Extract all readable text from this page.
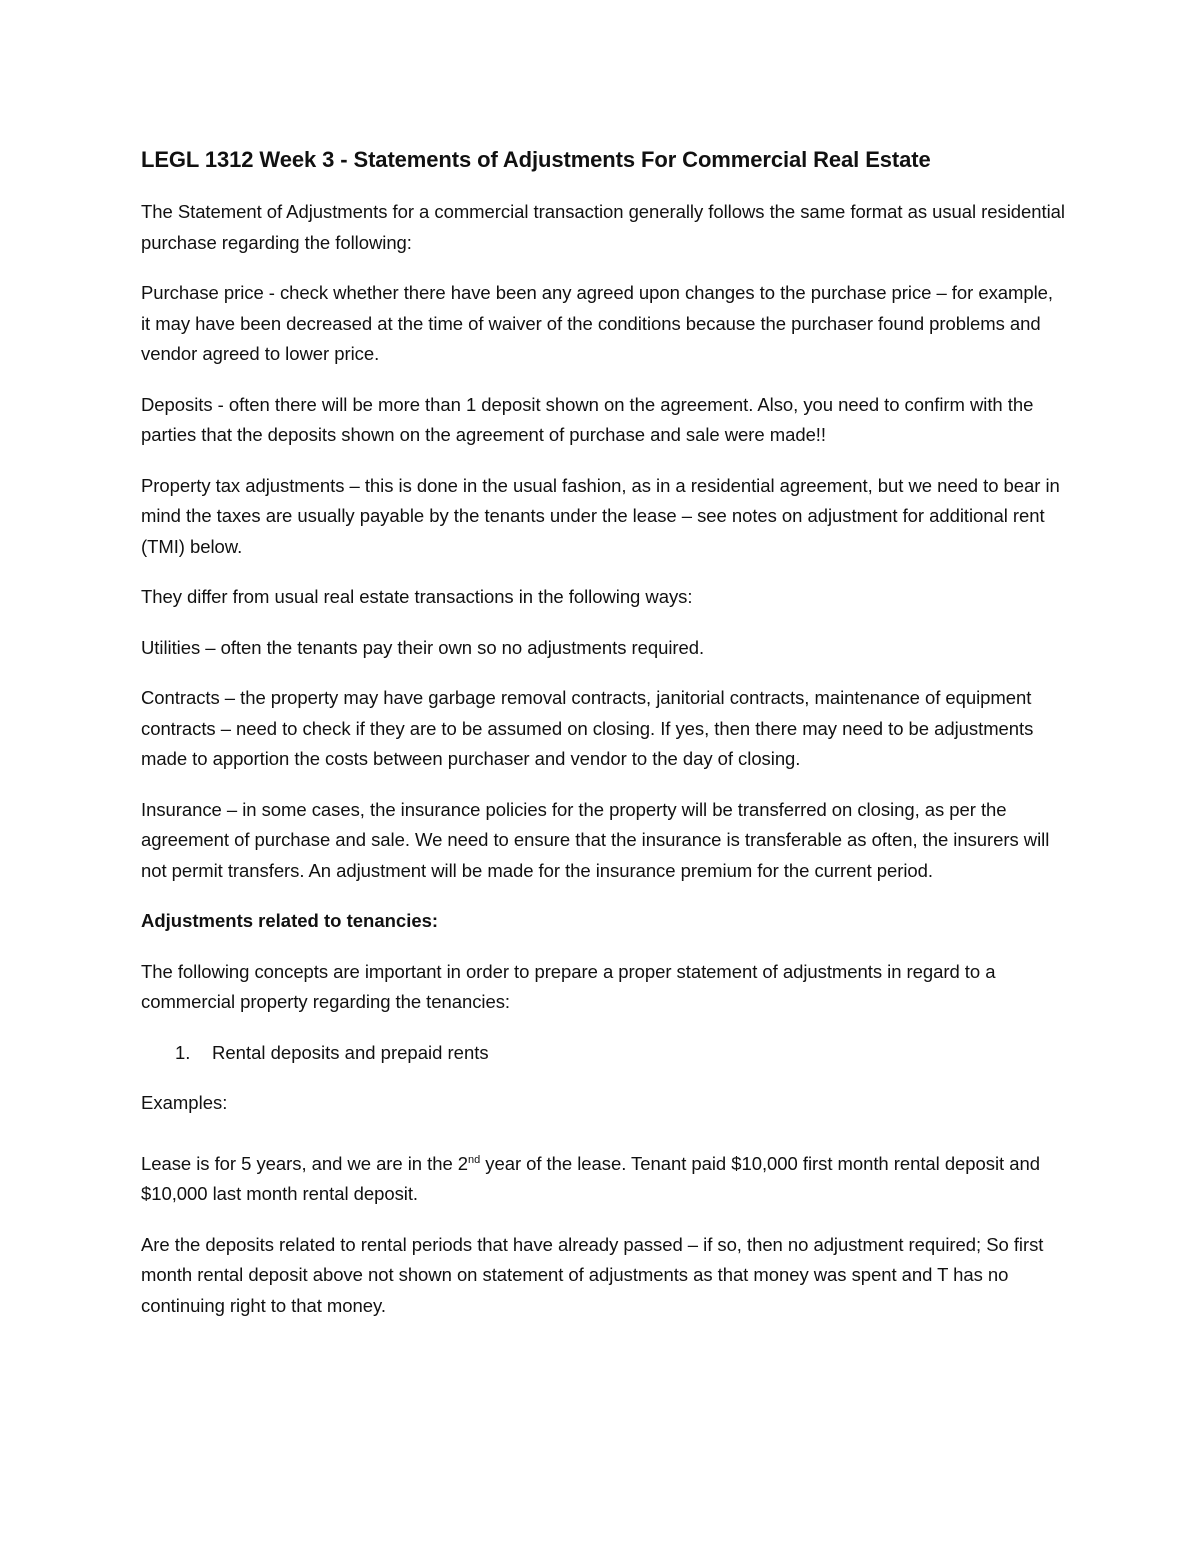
LEGL 1312 Week 3 - Statements of Adjustments For Commercial Real Estate

The Statement of Adjustments for a commercial transaction generally follows the same format as usual residential purchase regarding the following:

Purchase price - check whether there have been any agreed upon changes to the purchase price – for example, it may have been decreased at the time of waiver of the conditions because the purchaser found problems and vendor agreed to lower price.

Deposits - often there will be more than 1 deposit shown on the agreement. Also, you need to confirm with the parties that the deposits shown on the agreement of purchase and sale were made!!

Property tax adjustments – this is done in the usual fashion, as in a residential agreement, but we need to bear in mind the taxes are usually payable by the tenants under the lease – see notes on adjustment for additional rent (TMI) below.

They differ from usual real estate transactions in the following ways:

Utilities – often the tenants pay their own so no adjustments required.

Contracts – the property may have garbage removal contracts, janitorial contracts, maintenance of equipment contracts – need to check if they are to be assumed on closing. If yes, then there may need to be adjustments made to apportion the costs between purchaser and vendor to the day of closing.

Insurance – in some cases, the insurance policies for the property will be transferred on closing, as per the agreement of purchase and sale. We need to ensure that the insurance is transferable as often, the insurers will not permit transfers. An adjustment will be made for the insurance premium for the current period.

Adjustments related to tenancies:

The following concepts are important in order to prepare a proper statement of adjustments in regard to a commercial property regarding the tenancies:

1.	Rental deposits and prepaid rents

Examples:

Lease is for 5 years, and we are in the 2nd year of the lease. Tenant paid $10,000 first month rental deposit and $10,000 last month rental deposit.

Are the deposits related to rental periods that have already passed – if so, then no adjustment required; So first month rental deposit above not shown on statement of adjustments as that money was spent and T has no continuing right to that money.
